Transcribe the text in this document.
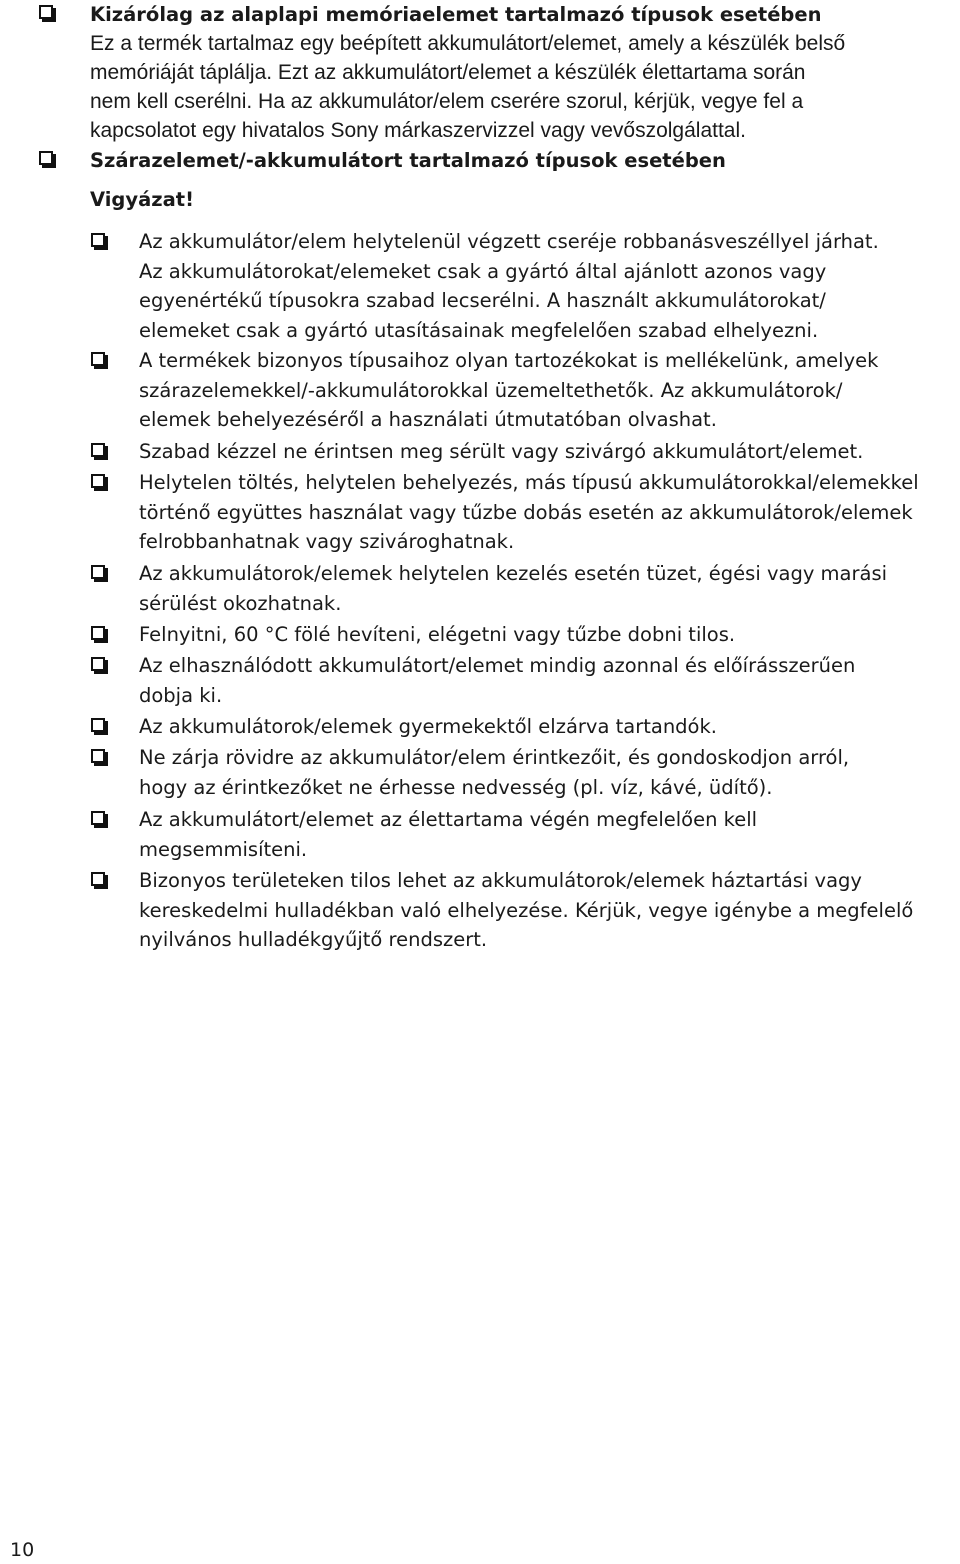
Kizárólag az alaplapi memóriaelemet tartalmazó típusok esetében

Ez a termék tartalmaz egy beépített akkumulátort/elemet, amely a készülék belső
memóriáját táplálja. Ezt az akkumulátort/elemet a készülék élettartama során
nem kell cserélni. Ha az akkumulátor/elem cserére szorul, kérjük, vegye fel a
kapcsolatot egy hivatalos Sony márkaszervizzel vagy vevőszolgálattal.

Szárazelemet/-akkumulátort tartalmazó típusok esetében

Vigyázat!

Az akkumulátor/elem helytelenül végzett cseréje robbanásveszéllyel járhat.
Az akkumulátorokat/elemeket csak a gyártó által ajánlott azonos vagy
egyenértékű típusokra szabad lecserélni. A használt akkumulátorokat/
elemeket csak a gyártó utasításainak megfelelően szabad elhelyezni.

A termékek bizonyos típusaihoz olyan tartozékokat is mellékelünk, amelyek
szárazelemekkel/-akkumulátorokkal üzemeltethetők. Az akkumulátorok/
elemek behelyezéséről a használati útmutatóban olvashat.

Szabad kézzel ne érintsen meg sérült vagy szivárgó akkumulátort/elemet.

Helytelen töltés, helytelen behelyezés, más típusú akkumulátorokkal/elemekkel
történő együttes használat vagy tűzbe dobás esetén az akkumulátorok/elemek
felrobbanhatnak vagy szivároghatnak.

Az akkumulátorok/elemek helytelen kezelés esetén tüzet, égési vagy marási
sérülést okozhatnak.

Felnyitni, 60 °C fölé hevíteni, elégetni vagy tűzbe dobni tilos.

Az elhasználódott akkumulátort/elemet mindig azonnal és előírásszerűen
dobja ki.

Az akkumulátorok/elemek gyermekektől elzárva tartandók.

Ne zárja rövidre az akkumulátor/elem érintkezőit, és gondoskodjon arról,
hogy az érintkezőket ne érhesse nedvesség (pl. víz, kávé, üdítő).

Az akkumulátort/elemet az élettartama végén megfelelően kell
megsemmisíteni.

Bizonyos területeken tilos lehet az akkumulátorok/elemek háztartási vagy
kereskedelmi hulladékban való elhelyezése. Kérjük, vegye igénybe a megfelelő
nyilvános hulladékgyűjtő rendszert.

10
